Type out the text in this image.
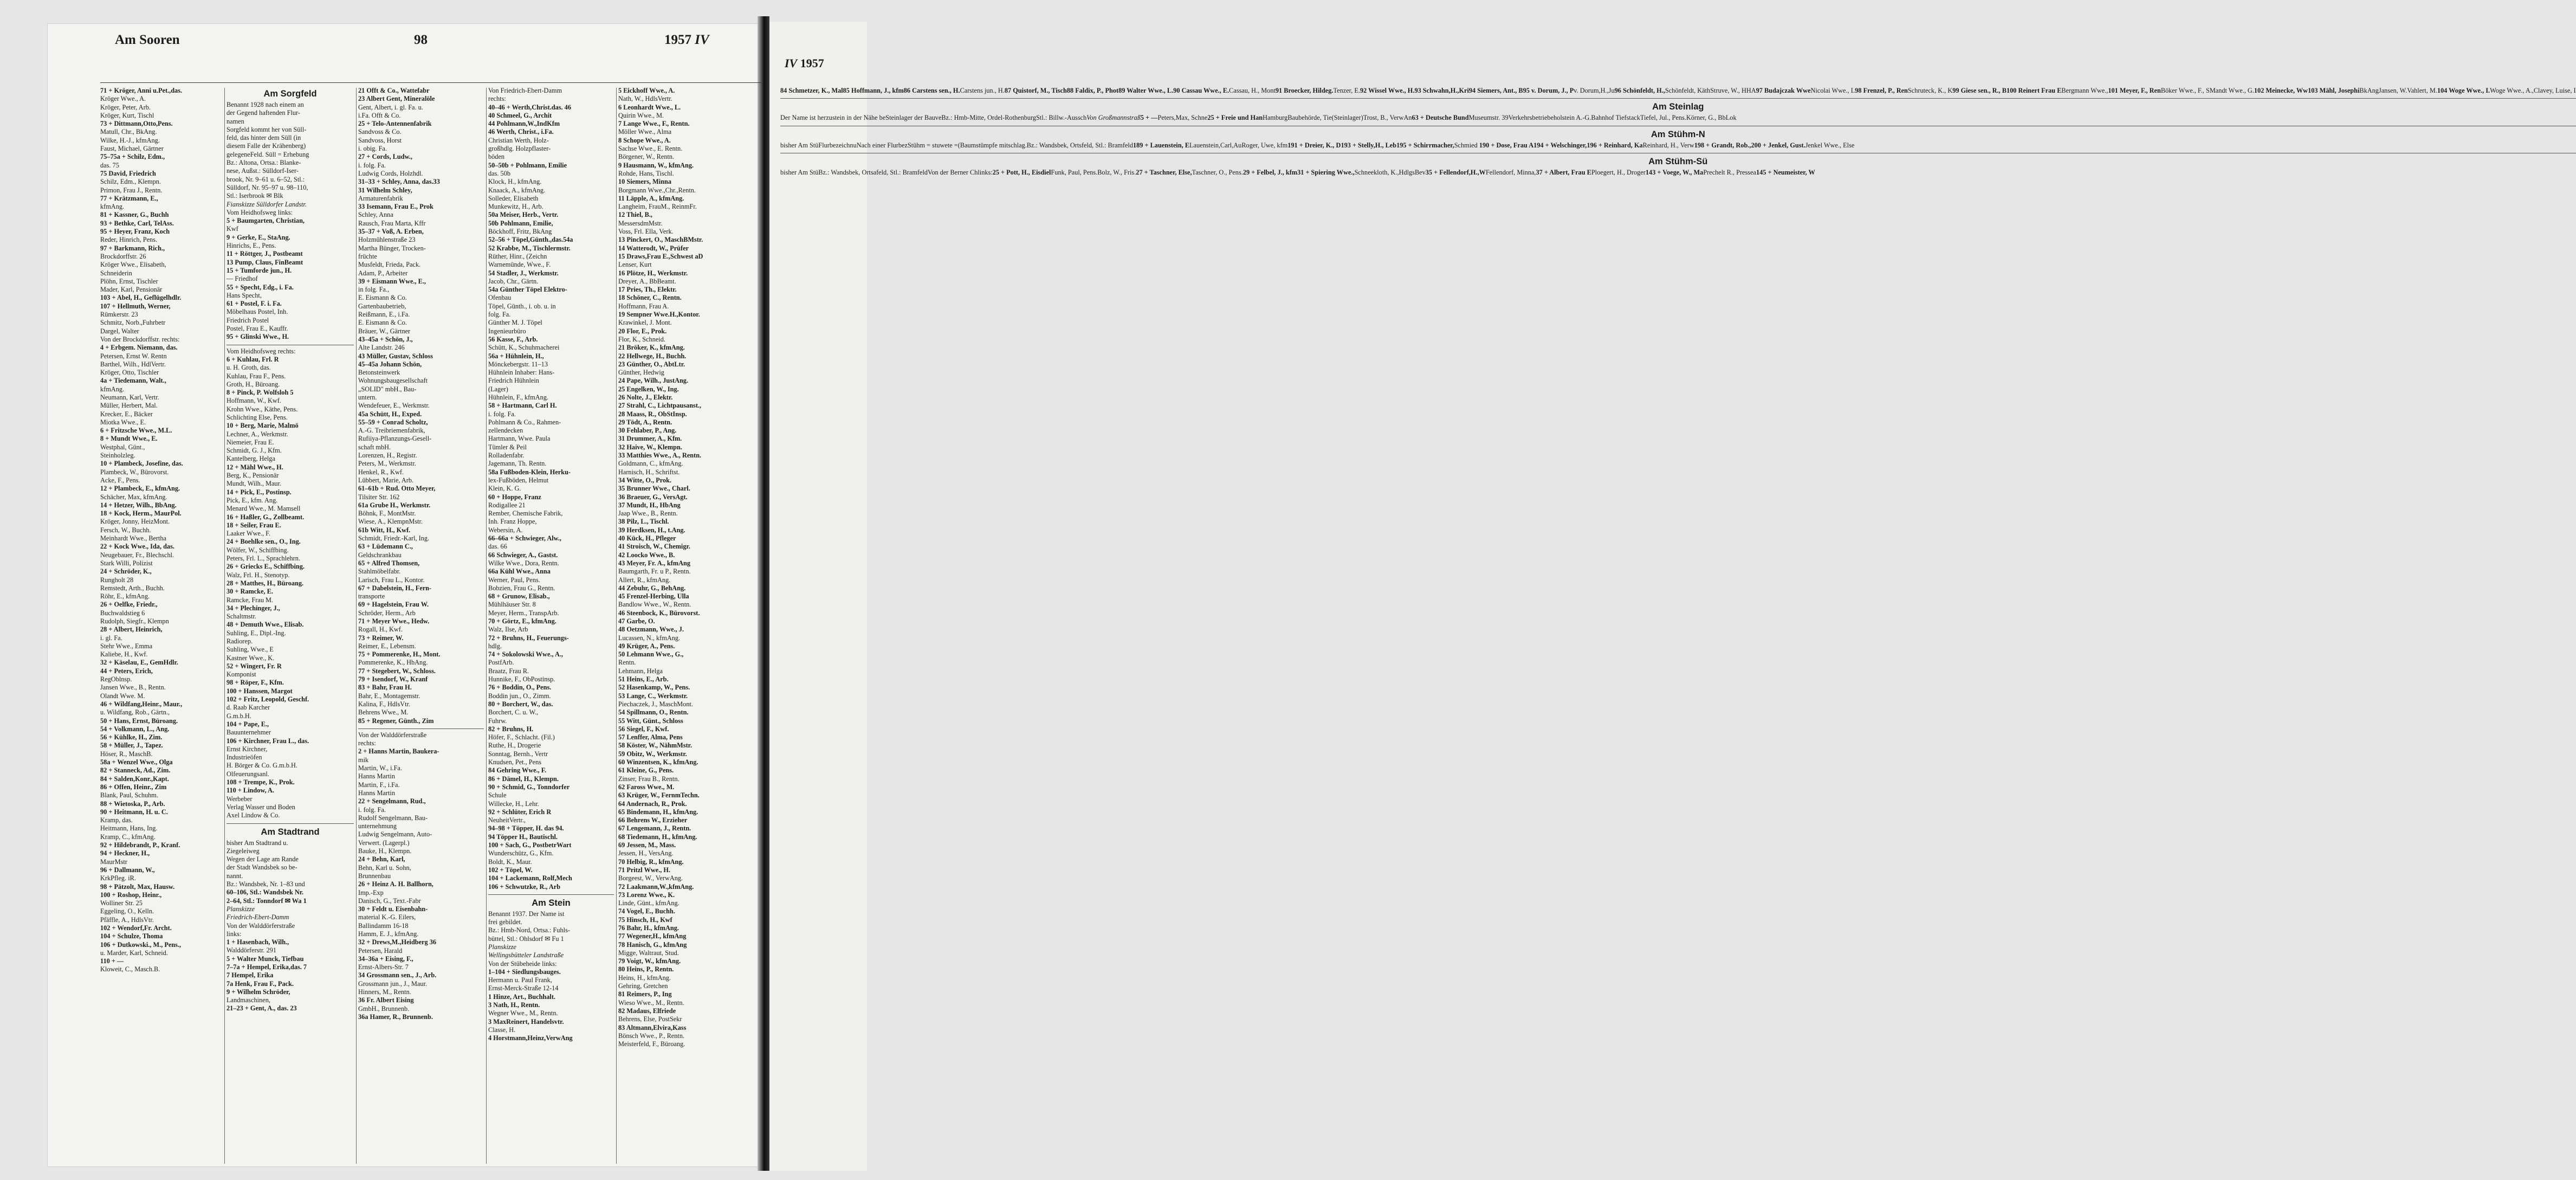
IV 1957
84 Schmetzer, K., Mal85 Hoffmann, J., kfm86 Carstens sen., H.Carstens jun., H.87 Quistorf, M., Tisch88 Faldix, P., Phot89 Walter Wwe., L.90 Cassau Wwe., E.Cassau, H., Mont91 Broecker, Hildeg.Tenzer, E.92 Wissel Wwe., H.93 Schwahn,H.,Kri94 Siemers, Ant., B95 v. Dorum, J., Pv. Dorum,H.,Ju96 Schönfeldt, H.,Schönfeldt, KäthStruve, W., HHA97 Budajczak WweNicolai Wwe., L98 Frenzel, P., RenSchruteck, K., K99 Giese sen., R., B100 Reinert Frau EBergmann Wwe.,101 Meyer, F., RenBöker Wwe., F., SMandt Wwe., G.102 Meinecke, Ww103 Mähl, JosephiBkAngJansen, W.Vahlert, M.104 Woge Wwe., I.Woge Wwe., A.,Clavey, Luise, I
Am Steinlag
Der Name ist herzustein in der Nähe beSteinlager der BauveBz.: Hmb-Mitte, Ordel-RothenburgStl.: Billw.-AusschVon Großmannstraß5 + —Peters,Max, Schne25 + Freie und HanHamburgBaubehörde, Tie(Steinlager)Trost, B., VerwAn63 + Deutsche BundMuseumstr. 39Verkehrsbetriebeholstein A.-G.Bahnhof TiefstackTiefel, Jul., Pens.Körner, G., BbLok
Am Stühm-N
bisher Am StüFlurbezeichnuNach einer FlurbezStühm = stuwete =(Baumstümpfe mitschlag.Bz.: Wandsbek, Ortsfeld, Stl.: Bramfeld189 + Lauenstein, ELauenstein,Carl,AuRoger, Uwe, kfm191 + Dreier, K., D193 + Stelly,H., Leb195 + Schirrmacher,Schmied 190 + Dose, Frau A194 + Welschinger,196 + Reinhard, KaReinhard, H., Verw198 + Grandt, Rob.,200 + Jenkel, Gust.Jenkel Wwe., Else
Am Stühm-Sü
bisher Am StüBz.: Wandsbek, Ortsafeld, Stl.: BramfeldVon der Berner Chlinks:25 + Pott, H., EisdielFunk, Paul, Pens.Bolz, W., Fris.27 + Taschner, Else,Taschner, O., Pens.29 + Felbel, J., kfm31 + Spiering Wwe.,Schneekloth, K.,HdlgsBev35 + Fellendorf,H.,WFellendorf, Minna,37 + Albert, Frau EPloegert, H., Droger143 + Voege, W., MaPrechelt R., Pressea145 + Neumeister, W
Am Sooren	98	1957 IV
71 + Kröger, Anni u.Pet.,das.
Kröger Wwe., A.
Kröger, Peter, Arb.
Kröger, Kurt, Tischl
73 + Dittmann,Otto,Pens.
Matull, Chr., BkAng.
Wilke, H.-J., kfmAng.
Faust, Michael, Gärtner
75–75a + Schilz, Edm.,
das. 75
75 David, Friedrich
Schilz, Edm., Klempn.
Primon, Frau J., Rentn.
77 + Krätzmann, E.,
kfmAng.
81 + Kassner, G., Buchh
93 + Bethke, Carl, TelAss.
95 + Heyer, Franz, Koch
Reder, Hinrich, Pens.
97 + Barkmann, Rich.,
Brockdorffstr. 26
Kröger Wwe., Elisabeth,
Schneiderin
Plöhn, Ernst, Tischler
Mader, Karl, Pensionär
103 + Abel, H., Geflügelhdlr.
107 + Hellmuth, Werner,
Rümkerstr. 23
Schmitz, Norb.,Fuhrbetr
Dargel, Walter
Von der Brockdorffstr. rechts:
4 + Erbgem. Niemann, das.
Petersen, Ernst W. Rentn
Barthel, Wilh., HdlVertr.
Kröger, Otto, Tischler
4a + Tiedemann, Walt.,
kfmAng.
Neumann, Karl, Vertr.
Müller, Herbert, Mal.
Krecker, E., Bäcker
Miotka Wwe., E.
6 + Fritzsche Wwe., M.L.
8 + Mundt Wwe., E.
Westphal, Günt.,
Steinholzleg.
10 + Plambeck, Josefine, das.
Plambeck, W., Bürovorst.
Acke, F., Pens.
12 + Plambeck, E., kfmAng.
Schächer, Max, kfmAng.
14 + Hetzer, Wilh., BbAng.
18 + Kock, Herm., MaurPol.
Kröger, Jonny, HeizMont.
Fersch, W., Buchh.
Meinhardt Wwe., Bertha
22 + Kock Wwe., Ida, das.
Neugebauer, Fr., Blechschl.
Stark Willi, Polizist
24 + Schröder, K.,
Rungholt 28
Remstedt, Arth., Buchh.
Röhr, E., kfmAng.
26 + Oelfke, Friedr.,
Buchwaldstieg 6
Rudolph, Siegfr., Klempn
28 + Albert, Heinrich,
i. gl. Fa.
Stehr Wwe., Emma
Kaliebe, H., Kwf.
32 + Käselau, E., GemHdlr.
44 + Peters, Erich,
RegOblnsp.
Jansen Wwe., B., Rentn.
Olandt Wwe. M.
46 + Wildfang,Heinr., Maur.,
u. Wildfang, Rob., Gärtn.,
50 + Hans, Ernst, Büroang.
54 + Volkmann, L., Ang.
56 + Kühlke, H., Zim.
58 + Müller, J., Tapez.
Höser, R., MaschB.
58a + Wenzel Wwe., Olga
82 + Stanneck, Ad., Zim.
84 + Salden,Konr.,Kapt.
86 + Offen, Heinr., Zim
Blank, Paul, Schuhm.
88 + Wietoska, P., Arb.
90 + Heitmann, H. u. C.
Kramp, das.
Heitmann, Hans, Ing.
Kramp, C., kfmAng.
92 + Hildebrandt, P., Kranf.
94 + Heckner, H.,
MaurMstr
96 + Dallmann, W.,
KrkPfleg. iR.
98 + Pätzolt, Max, Hausw.
100 + Roshop, Heinr.,
Wolliner Str. 25
Eggeling, O., Kelln.
Pfäffle, A., HdlsVtr.
102 + Wendorf,Fr. Archt.
104 + Schulze, Thoma
106 + Dutkowski., M., Pens.,
u. Marder, Karl, Schneid.
110 + —
Kloweit, C., Masch.B.
Am Sorgfeld
Benannt 1928 nach einem an
der Gegend haftenden Flur-
namen
Sorgfeld kommt her von Süll-
feld, das hinter dem Süll (in
diesem Falle der Krähenberg)
gelegeneFeld. Süll = Erhebung
Bz.: Altona, Ortsa.: Blanke-
nese, Außst.: Sülldorf-Iser-
brook, Nr. 9–61 u. 6–52, Stl.:
Sülldorf, Nr. 95–97 u. 98–110,
Stl.: Iserbrook ✉ Blk
Fianskizze Sülldorfer Landstr.
Vom Heidhofsweg links:
5 + Baumgarten, Christian,
Kwf
9 + Gerke, E., StaAng.
Hinrichs, E., Pens.
11 + Röttger, J., Postbeamt
13 Pump, Claus, FinBeamt
15 + Tumforde jun., H.
— Friedhof
55 + Specht, Edg., i. Fa.
Hans Specht,
61 + Postel, F. i. Fa.
Möbelhaus Postel, Inh.
Friedrich Postel
Postel, Frau E., Kauffr.
95 + Glinski Wwe., H.
Vom Heidhofsweg rechts:
6 + Kuhlau, Frl. R
u. H. Groth, das.
Kuhlau, Frau F., Pens.
Groth, H., Büroang.
8 + Pinck, P. Wolfsloh 5
Hoffmann, W., Kwf.
Krohn Wwe., Käthe, Pens.
Schlichting Else, Pens.
10 + Berg, Marie, Malmö
Lechner, A., Werkmstr.
Niemeier, Frau E.
Schmidt, G. J., Kfm.
Kantelberg, Helga
12 + Mähl Wwe., H.
Berg, K., Pensionär
Mundt, Wilh., Maur.
14 + Pick, E., Postinsp.
Pick, E., kfm. Ang.
Menard Wwe., M. Mamsell
16 + Haßler, G., Zollbeamt.
18 + Seiler, Frau E.
Laaker Wwe., F.
24 + Boehlke sen., O., Ing.
Wölfer, W., Schiffbing.
Peters, Frl. L., Sprachlehrn.
26 + Griecks E., Schiffbing.
Walz, Frl. H., Stenotyp.
28 + Matthes, H., Büroang.
30 + Ramcke, E.
Ramcke, Frau M.
34 + Plechinger, J.,
Schaltmstr.
48 + Demuth Wwe., Elisab.
Suhling, E., Dipl.-Ing.
Radiorep.
Suhling, Wwe., E
Kastner Wwe., K.
52 + Wingert, Fr. R
Komponist
98 + Röper, F., Kfm.
100 + Hanssen, Margot
102 + Fritz, Leopold, Geschf.
d. Raab Karcher
G.m.b.H.
104 + Pape, E.,
Bauunternehmer
106 + Kirchner, Frau L., das.
Ernst Kirchner,
Industrieöfen
H. Börger & Co. G.m.b.H.
Olfeuerungsanl.
108 + Trempe, K., Prok.
110 + Lindow, A.
Werbeber
Verlag Wasser und Boden
Axel Lindow & Co.
Am Stadtrand
bisher Am Stadtrand u.
Ziegeleiweg
Wegen der Lage am Rande
der Stadt Wandsbek so be-
nannt.
Bz.: Wandsbek, Nr. 1–83 und
60–106, Stl.: Wandsbek Nr.
2–64, Stl.: Tonndorf ✉ Wa 1
Planskizze
Friedrich-Ebert-Damm
Von der Walddörferstraße
links:
1 + Hasenbach, Wilh.,
Walddörferstr. 291
5 + Walter Munck, Tiefbau
7–7a + Hempel, Erika,das. 7
7 Hempel, Erika
7a Henk, Frau F., Pack.
9 + Wilhelm Schröder,
Landmaschinen,
21–23 + Gent, A., das. 23
21 Offt & Co., Wattefabr
23 Albert Gent, Mineralöle
Gent, Albert, i. gl. Fa. u.
i.Fa. Offt & Co.
25 + Telo-Antennenfabrik
Sandvoss & Co.
Sandvoss, Horst
i. obig. Fa.
27 + Cords, Ludw.,
i. folg. Fa.
Ludwig Cords, Holzhdl.
31–33 + Schley, Anna, das.33
31 Wilhelm Schley,
Armaturenfabrik
33 Isemann, Frau E., Prok
Schley, Anna
Rausch, Frau Marta, Kffr
35–37 + Voß, A. Erben,
Holzmühlenstraße 23
Martha Bünger, Trocken-
früchte
Musfeldt, Frieda, Pack.
Adam, P., Arbeiter
39 + Eismann Wwe., E.,
in folg. Fa.,
E. Eismann & Co.
Gartenbaubetrieb,
Reißmann, E., i.Fa.
E. Eismann & Co.
Bräuer, W., Gärtner
43–45a + Schön, J.,
Alte Landstr. 246
43 Müller, Gustav, Schloss
45–45a Johann Schön,
Betonsteinwerk
Wohnungsbaugesellschaft
„SOLID" mbH., Bau-
untern.
Wendefeuer, E., Werkmstr.
45a Schütt, H., Exped.
55–59 + Conrad Scholtz,
A.-G. Treibriemenfabrik,
Rufiiya-Pflanzungs-Gesell-
schaft mbH.
Lorenzen, H., Registr.
Peters, M., Werkmstr.
Henkel, R., Kwf.
Lübbert, Marie, Arb.
61–61b + Rud. Otto Meyer,
Tilsiter Str. 162
61a Grube H., Werkmstr.
Böhnk, F., MontMstr.
Wiese, A., KlempnMstr.
61b Witt, H., Kwf.
Schmidt, Friedr.-Karl, Ing.
63 + Lüdemann C.,
Geldschrankbau
65 + Alfred Thomsen,
Stahlmöbelfabr.
Larisch, Frau L., Kontor.
67 + Dabelstein, H., Fern-
transporte
69 + Hagelstein, Frau W.
Schröder, Herm., Arb
71 + Meyer Wwe., Hedw.
Rogall, H., Kwf.
73 + Reimer, W.
Reimer, E., Lebensm.
75 + Pommerenke, H., Mont.
Pommerenke, K., HbAng.
77 + Stegebert, W., Schloss.
79 + Isendorf, W., Kranf
83 + Bahr, Frau H.
Bahr, E., Montagemstr.
Kalina, F., HdlsVtr.
Behrens Wwe., M.
85 + Regener, Günth., Zim
Von der Walddörferstraße
rechts:
2 + Hanns Martin, Baukera-
mik
Martin, W., i.Fa.
Hanns Martin
Martin, F., i.Fa.
Hanns Martin
22 + Sengelmann, Rud.,
i. folg. Fa.
Rudolf Sengelmann, Bau-
unternehmung
Ludwig Sengelmann, Auto-
Verwert. (Lagerpl.)
Bauke, H., Klempn.
24 + Behn, Karl,
Behn, Karl u. Sohn,
Brunnenbau
26 + Heinz A. H. Ballhorn,
Imp.-Exp
Danisch, G., Text.-Fabr
30 + Feldt u. Eisenbahn-
material K.-G. Eilers,
Ballindamm 16-18
Hamm, E. J., kfmAng.
32 + Drews,M.,Heidberg 36
Petersen, Harald
34–36a + Eising, F.,
Ernst-Albers-Str. 7
34 Grossmann sen., J., Arb.
Grossmann jun., J., Maur.
Hinners, M., Rentn.
36 Fr. Albert Eising
GmbH., Brunnenb.
36a Hamer, R., Brunnenb.
Von Friedrich-Ebert-Damm
rechts:
40–46 + Werth,Christ.das. 46
40 Schmeel, G., Archit
44 Pohlmann,W.,IndKfm
46 Werth, Christ., i.Fa.
Christian Werth, Holz-
großhdlg. Holzpflaster-
böden
50–50b + Pohlmann, Emilie
das. 50b
Klock, H., kfmAng.
Knaack, A., kfmAng.
Solleder, Elisabeth
Munkewitz, H., Arb.
50a Meiser, Herb., Vertr.
50b Pohlmann, Emilie,
Böckhoff, Fritz, BkAng
52–56 + Töpel,Günth.,das.54a
52 Krabbe, M., Tischlermstr.
Rüther, Hinr., (Zeichn
Warnemünde, Wwe., F.
54 Stadler, J., Werkmstr.
Jacob, Chr., Gärtn.
54a Günther Töpel Elektro-
Ofenbau
Töpel, Günth., i. ob. u. in
folg. Fa.
Günther M. J. Töpel
Ingenieurbüro
56 Kasse, F., Arb.
Schütt, K., Schuhmacherei
56a + Hühnlein, H.,
Mönckebergstr. 11–13
Hühnlein Inhaber: Hans-
Friedrich Hühnlein
(Lager)
Hühnlein, F., kfmAng.
58 + Hartmann, Carl H.
i. folg. Fa.
Pohlmann & Co., Rahmen-
zellendecken
Hartmann, Wwe. Paula
Tümler & Peil
Rolladenfabr.
Jagemann, Th. Rentn.
58a Fußboden-Klein, Herku-
lex-Fußböden, Helmut
Klein, K. G.
60 + Hoppe, Franz
Rodigallee 21
Rember, Chemische Fabrik,
Inh. Franz Hoppe,
Webersin, A.
66–66a + Schwieger, Alw.,
das. 66
66 Schwieger, A., Gastst.
Wilke Wwe., Dora, Rentn.
66a Kühl Wwe., Anna
Werner, Paul, Pens.
Bobzien, Frau G., Rentn.
68 + Grunow, Elisab.,
Mühlhäuser Str. 8
Meyer, Herm., TranspArb.
70 + Görtz, E., kfmAng.
Walz, Ilse, Arb
72 + Bruhns, H., Feuerungs-
hdlg.
74 + Sokolowski Wwe., A.,
PostfArb.
Braatz, Frau R.
Hunnike, F., ObPostinsp.
76 + Boddin, O., Pens.
Boddin jun., O., Zimm.
80 + Borchert, W., das.
Borchert, C. u. W.,
Fuhrw.
82 + Bruhns, H.
Höfer, F., Schlacht. (Fil.)
Ruthe, H., Drogerie
Sonntag, Bernh., Vertr
Knudsen, Pet., Pens
84 Gehring Wwe., F.
86 + Dämel, H., Klempn.
90 + Schmid, G., Tonndorfer
Schule
Willecke, H., Lehr.
92 + Schlüter, Erich R
NeuheitVertr.,
94–98 + Töpper, H. das 94.
94 Töpper H., Bautischl.
100 + Sach, G., PostbetrWart
Wunderschütz, G., Kfm.
Boldt, K., Maur.
102 + Töpel, W.
104 + Lackemann, Rolf,Mech
106 + Schwutzke, R., Arb
Am Stein
Benannt 1937. Der Name ist
frei gebildet.
Bz.: Hmb-Nord, Ortsa.: Fuhls-
büttel, Stl.: Ohlsdorf ✉ Fu 1
Planskizze
Wellingsbütteler Landstraße
Von der Stübeheide links:
1–104 + Siedlungsbauges.
Hermann u. Paul Frank,
Ernst-Merck-Straße 12-14
1 Hinze, Art., Buchhalt.
3 Nath, H., Rentn.
Wegner Wwe., M., Rentn.
3 MaxReinert, Handelsvtr.
Classe, H.
4 Horstmann,Heinz,VerwAng
5 Eickhoff Wwe., A.
Nath, W., HdlsVertr.
6 Leonhardt Wwe., L.
Quirin Wwe., M.
7 Lange Wwe., F., Rentn.
Möller Wwe., Alma
8 Schope Wwe., A.
Sachse Wwe., E. Rentn.
Börgener, W., Rentn.
9 Hausmann, W., kfmAng.
Rohde, Hans, Tischl.
10 Siemers, Minna
Borgmann Wwe.,Chr.,Rentn.
11 Läpple, A., kfmAng.
Langheim, FrauM., ReinmFr.
12 Thiel, B.,
MessersdmMstr.
Voss, Frl. Ella, Verk.
13 Pinckert, O., MaschBMstr.
14 Watterodt, W., Prüfer
15 Draws,Frau E.,Schwest aD
Lenser, Kurt
16 Plötze, H., Werkmstr.
Dreyer, A., BbBeamt.
17 Pries, Th., Elektr.
18 Schöner, C., Rentn.
Hoffmann, Frau A.
19 Sempner Wwe.H.,Kontor.
Krawinkel, J. Mont.
20 Flor, E., Prok.
Flor, K., Schneid.
21 Bröker, K., kfmAng.
22 Hellwege, H., Buchh.
23 Günther, O., AbtLtr.
Günther, Hedwig
24 Pape, Wilh., JustAng.
25 Engelken, W., Ing.
26 Nolte, J., Elektr.
27 Strahl, C., Lichtpausanst.,
28 Maass, R., ObStInsp.
29 Tödt, A., Rentn.
30 Fehlaber, P., Ang.
31 Drummer, A., Kfm.
32 Haive, W., Klempn.
33 Matthies Wwe., A., Rentn.
Goldmann, C., kfmAng.
Harnisch, H., Schriftst.
34 Witte, O., Prok.
35 Brunner Wwe., Charl.
36 Braeuer, G., VersAgt.
37 Mundt, H., HbAng
Jaap Wwe., B., Rentn.
38 Pilz, L., Tischl.
39 Herdksen, H., t.Ang.
40 Kück, H., Pfleger
41 Stroisch, W., Chemigr.
42 Loocko Wwe., B.
43 Meyer, Fr. A., kfmAng
Baumgarth, Fr. u P., Rentn.
Allert, R., kfmAng.
44 Zebuhr, G., BehAng.
45 Frenzel-Herbing, Ulla
Bandlow Wwe., W., Rentn.
46 Steenbock, K., Bürovorst.
47 Garbe, O.
48 Oetzmann, Wwe., J.
Lucassen, N., kfmAng.
49 Krüger, A., Pens.
50 Lehmann Wwe., G.,
Rentn.
Lehmann, Helga
51 Heins, E., Arb.
52 Hasenkamp, W., Pens.
53 Lange, C., Werkmstr.
Piechaczek, J., MaschMont.
54 Spillmann, O., Rentn.
55 Witt, Günt., Schloss
56 Siegel, F., Kwf.
57 Lenffer, Alma, Pens
58 Köster, W., NähmMstr.
59 Obitz, W., Werkmstr.
60 Winzentsen, K., kfmAng.
61 Kleine, G., Pens.
Zinser, Frau B., Rentn.
62 Faross Wwe., M.
63 Krüger, W., FernmTechn.
64 Andernach, R., Prok.
65 Bindemann, H., kfmAng.
66 Behrens W., Erzieher
67 Lengemann, J., Rentn.
68 Tiedemann, H., kfmAng.
69 Jessen, M., Mass.
Jessen, H., VersAng.
70 Helbig, R., kfmAng.
71 Pritzl Wwe., H.
Borgeest, W., VerwAng.
72 Laakmann,W.,kfmAng.
73 Lorenz Wwe., K.
Linde, Günt., kfmAng.
74 Vogel, E., Buchh.
75 Hinsch, H., Kwf
76 Bahr, H., kfmAng.
77 Wegener,H., kfmAng
78 Hanisch, G., kfmAng
Migge, Waltraut, Stud.
79 Voigt, W., kfmAng.
80 Heins, P., Rentn.
Heins, H., kfmAng.
Gehring, Gretchen
81 Reimers, P., Ing
Wieso Wwe., M., Rentn.
82 Madaus, Elfriede
Behrens, Else, PostSekr
83 Altmann,Elvira,Kass
Bönsch Wwe., P., Rentn.
Meisterfeld, F., Büroang.
